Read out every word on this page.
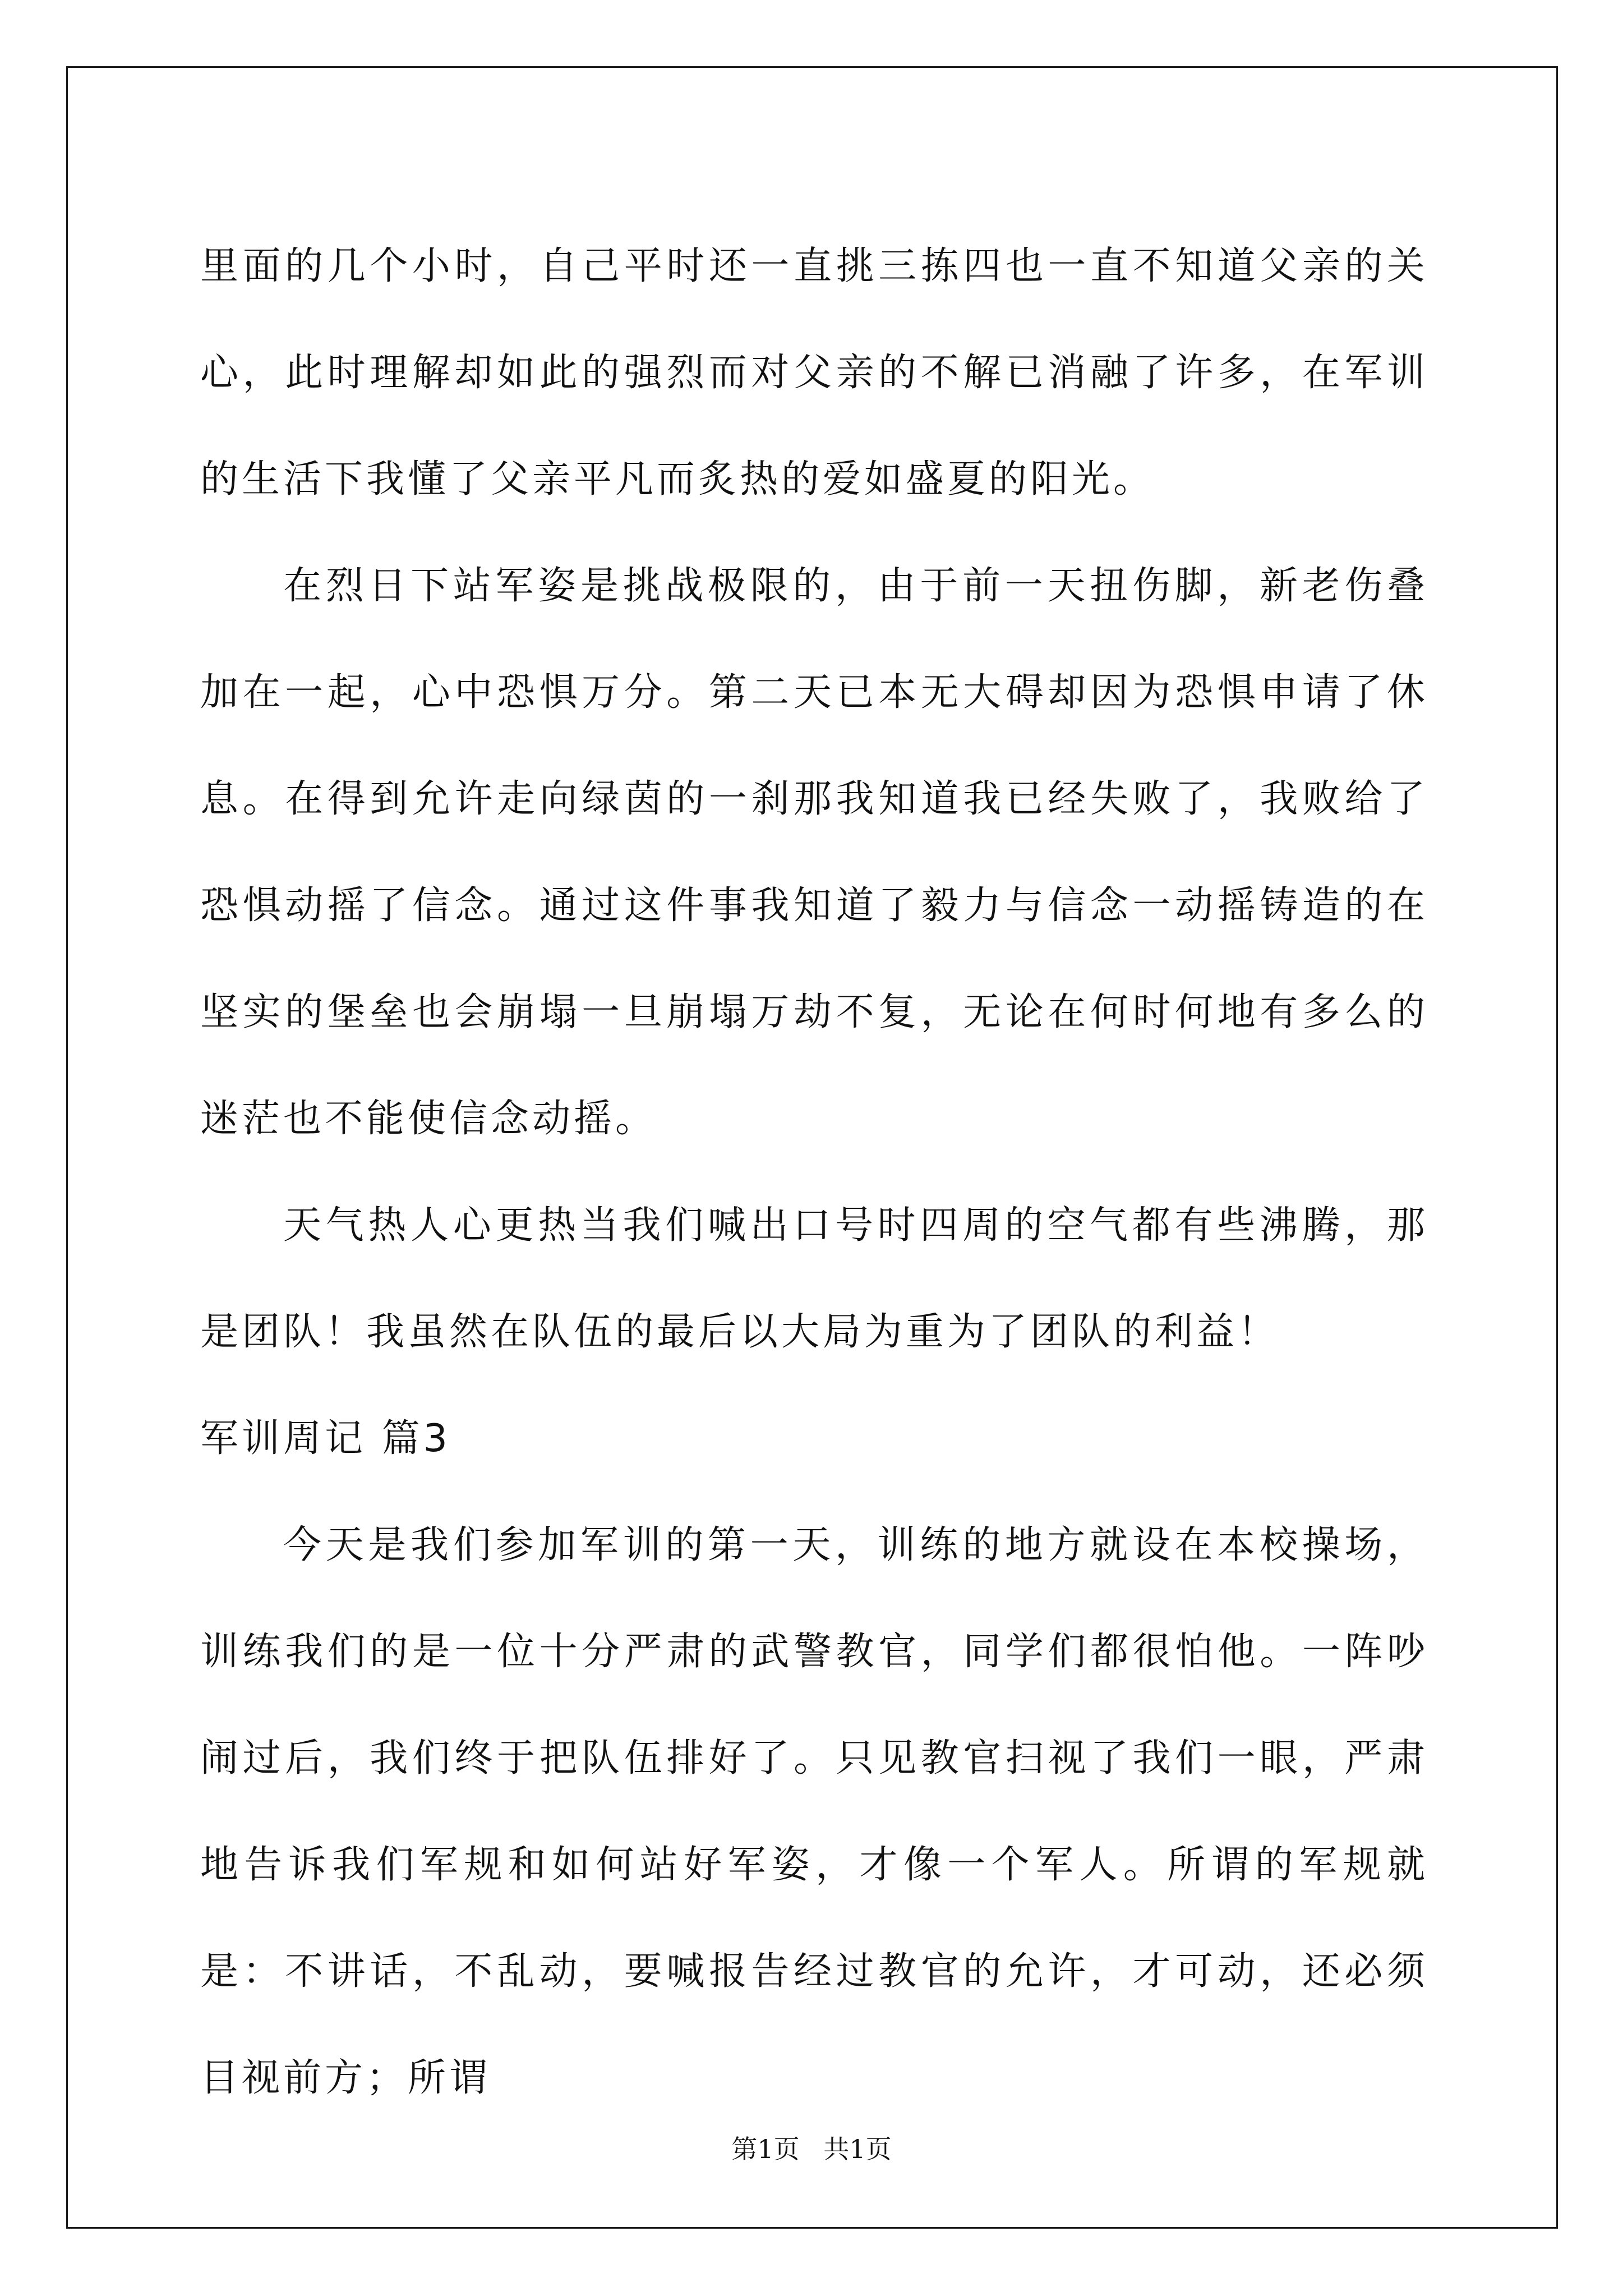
里面的几个小时，自己平时还一直挑三拣四也一直不知道父亲的关心，此时理解却如此的强烈而对父亲的不解已消融了许多，在军训的生活下我懂了父亲平凡而炙热的爱如盛夏的阳光。

在烈日下站军姿是挑战极限的，由于前一天扭伤脚，新老伤叠加在一起，心中恐惧万分。第二天已本无大碍却因为恐惧申请了休息。在得到允许走向绿茵的一刹那我知道我已经失败了，我败给了恐惧动摇了信念。通过这件事我知道了毅力与信念一动摇铸造的在坚实的堡垒也会崩塌一旦崩塌万劫不复，无论在何时何地有多么的迷茫也不能使信念动摇。

天气热人心更热当我们喊出口号时四周的空气都有些沸腾，那是团队！我虽然在队伍的最后以大局为重为了团队的利益！

军训周记 篇3

今天是我们参加军训的第一天，训练的地方就设在本校操场，训练我们的是一位十分严肃的武警教官，同学们都很怕他。一阵吵闹过后，我们终于把队伍排好了。只见教官扫视了我们一眼，严肃地告诉我们军规和如何站好军姿，才像一个军人。所谓的军规就是：不讲话，不乱动，要喊报告经过教官的允许，才可动，还必须目视前方；所谓

第1页 共1页
